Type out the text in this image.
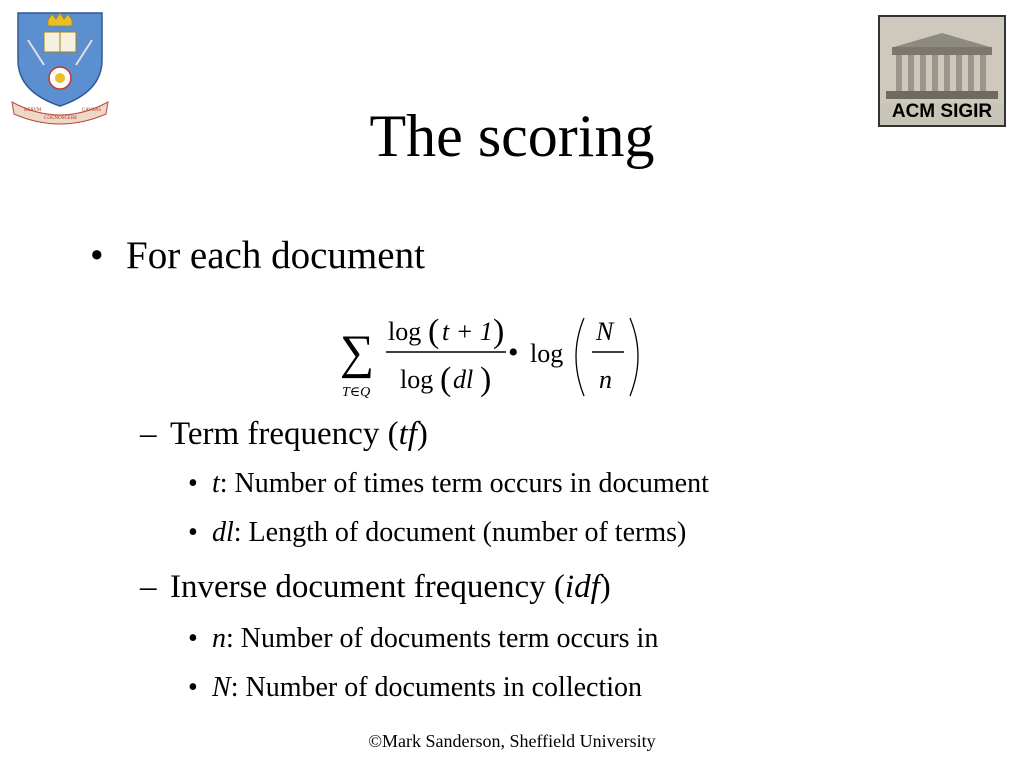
RERVM
COGNOSCERE
CAVSAS	ACM SIGIR
The scoring
• For each document
∑
T∈Q
log ( t + 1 )
log ( dl )
• log
N
n
– Term frequency (tf)
• t: Number of times term occurs in document
• dl: Length of document (number of terms)
– Inverse document frequency (idf)
• n: Number of documents term occurs in
• N: Number of documents in collection
©Mark Sanderson, Sheffield University
